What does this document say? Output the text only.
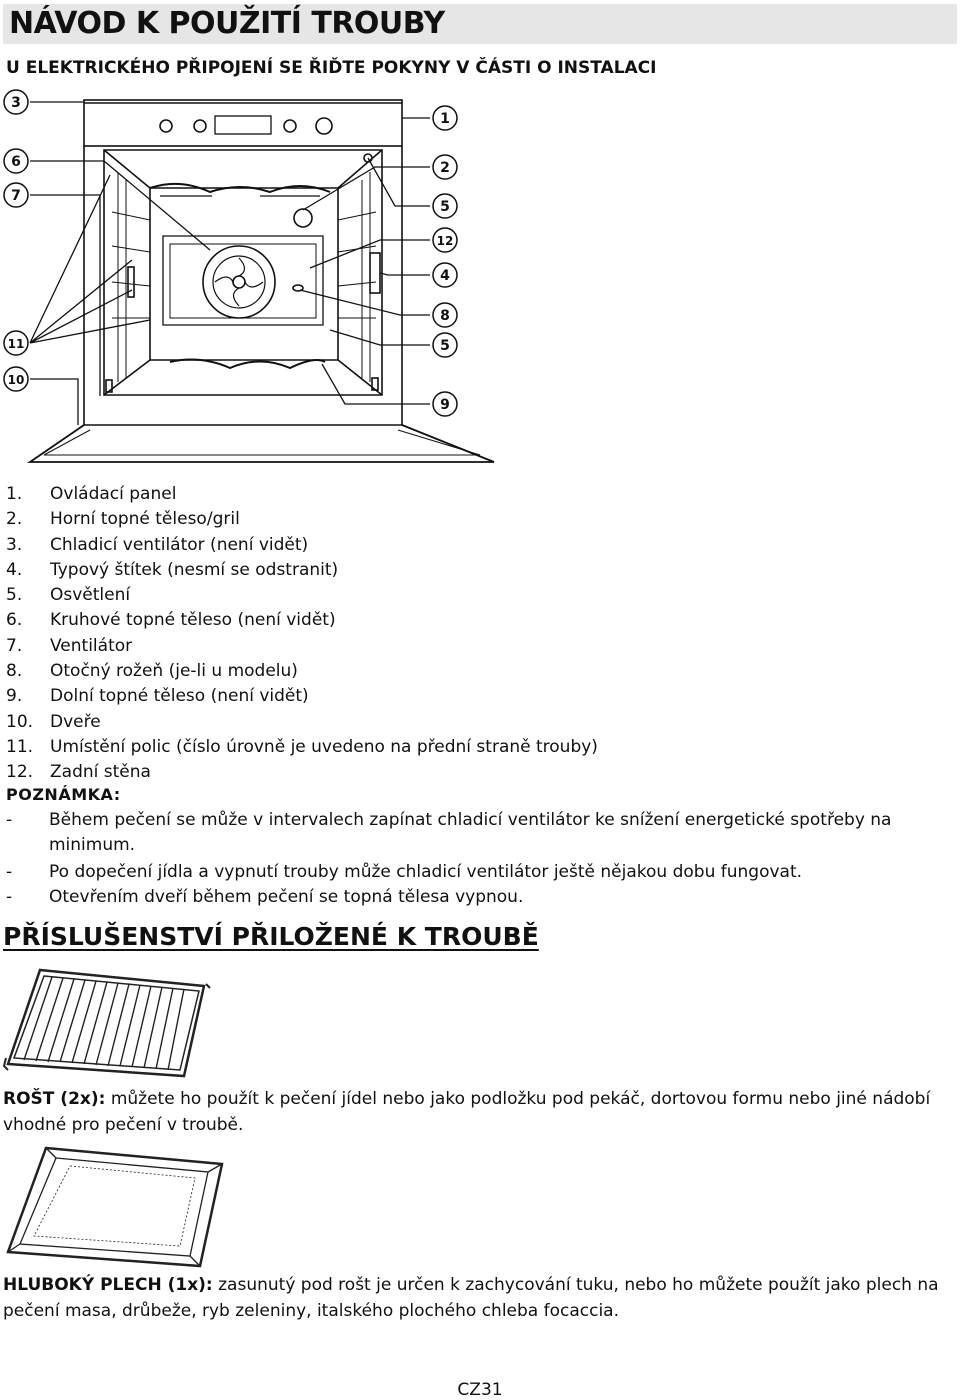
NÁVOD K POUŽITÍ TROUBY
U ELEKTRICKÉHO PŘIPOJENÍ SE ŘIĎTE POKYNY V ČÁSTI O INSTALACI
3
6
7
11
10
1
2
5
12
4
8
5
9
1. Ovládací panel
2. Horní topné těleso/gril
3. Chladicí ventilátor (není vidět)
4. Typový štítek (nesmí se odstranit)
5. Osvětlení
6. Kruhové topné těleso (není vidět)
7. Ventilátor
8. Otočný rožeň (je-li u modelu)
9. Dolní topné těleso (není vidět)
10. Dveře
11. Umístění polic (číslo úrovně je uvedeno na přední straně trouby)
12. Zadní stěna
POZNÁMKA:
- Během pečení se může v intervalech zapínat chladicí ventilátor ke snížení energetické spotřeby na minimum.
- Po dopečení jídla a vypnutí trouby může chladicí ventilátor ještě nějakou dobu fungovat.
- Otevřením dveří během pečení se topná tělesa vypnou.
PŘÍSLUŠENSTVÍ PŘILOŽENÉ K TROUBĚ
ROŠT (2x): můžete ho použít k pečení jídel nebo jako podložku pod pekáč, dortovou formu nebo jiné nádobí vhodné pro pečení v troubě.
HLUBOKÝ PLECH (1x): zasunutý pod rošt je určen k zachycování tuku, nebo ho můžete použít jako plech na pečení masa, drůbeže, ryb zeleniny, italského plochého chleba focaccia.
CZ31
